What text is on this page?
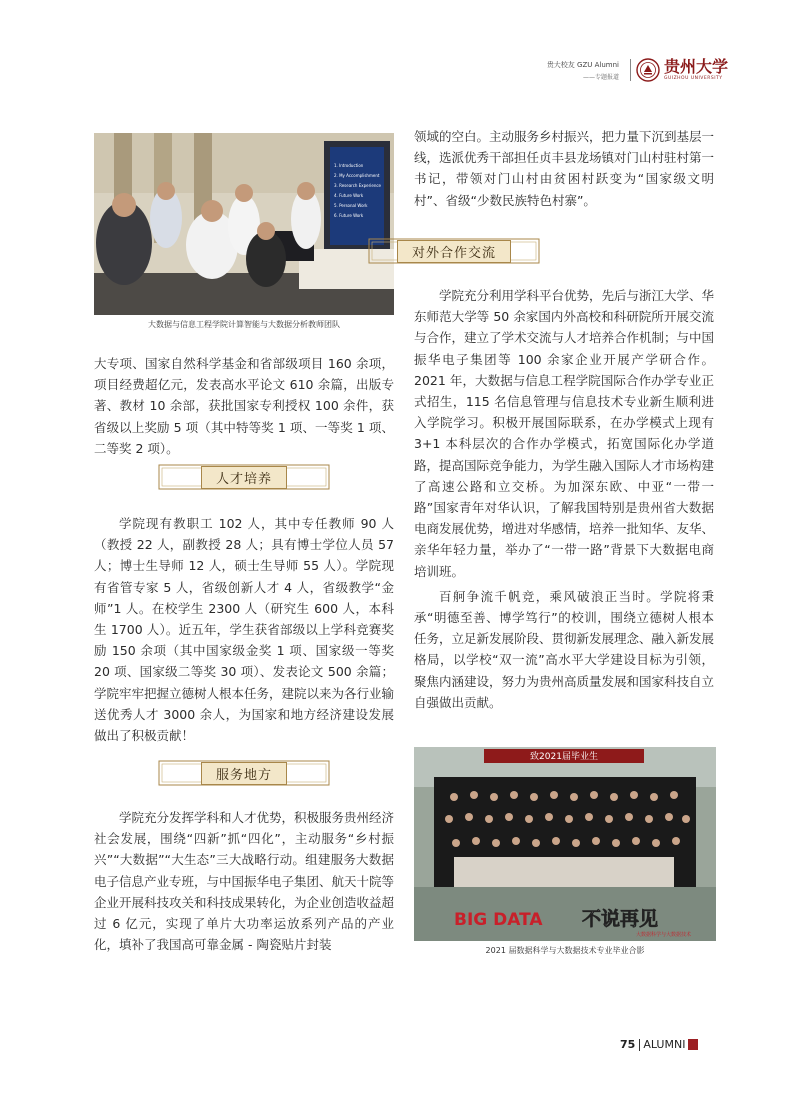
贵大校友 GZU Alumni
——专题报道
贵州大学
GUIZHOU UNIVERSITY
1. Introduction
2. My Accomplishment
3. Research Experience
4. Future Work
5. Personal Work
6. Future Work
大数据与信息工程学院计算智能与大数据分析教师团队

大专项、国家自然科学基金和省部级项目 160 余项，项目经费超亿元，发表高水平论文 610 余篇，出版专著、教材 10 余部，获批国家专利授权 100 余件，获省级以上奖励 5 项（其中特等奖 1 项、一等奖 1 项、二等奖 2 项）。

人才培养

学院现有教职工 102 人，其中专任教师 90 人（教授 22 人，副教授 28 人；具有博士学位人员 57 人；博士生导师 12 人，硕士生导师 55 人）。学院现有省管专家 5 人，省级创新人才 4 人，省级教学“金师”1 人。在校学生 2300 人（研究生 600 人，本科生 1700 人）。近五年，学生获省部级以上学科竞赛奖励 150 余项（其中国家级金奖 1 项、国家级一等奖 20 项、国家级二等奖 30 项）、发表论文 500 余篇；学院牢牢把握立德树人根本任务，建院以来为各行业输送优秀人才 3000 余人，为国家和地方经济建设发展做出了积极贡献！

服务地方

学院充分发挥学科和人才优势，积极服务贵州经济社会发展，围绕“四新”抓“四化”，主动服务“乡村振兴”“大数据”“大生态”三大战略行动。组建服务大数据电子信息产业专班，与中国振华电子集团、航天十院等企业开展科技攻关和科技成果转化，为企业创造收益超过 6 亿元，实现了单片大功率运放系列产品的产业化，填补了我国高可靠金属 - 陶瓷贴片封装

领域的空白。主动服务乡村振兴，把力量下沉到基层一线，选派优秀干部担任贞丰县龙场镇对门山村驻村第一书记，带领对门山村由贫困村跃变为“国家级文明村”、省级“少数民族特色村寨”。

对外合作交流

学院充分利用学科平台优势，先后与浙江大学、华东师范大学等 50 余家国内外高校和科研院所开展交流与合作，建立了学术交流与人才培养合作机制；与中国振华电子集团等 100 余家企业开展产学研合作。2021 年，大数据与信息工程学院国际合作办学专业正式招生，115 名信息管理与信息技术专业新生顺利进入学院学习。积极开展国际联系，在办学模式上现有 3+1 本科层次的合作办学模式，拓宽国际化办学道路，提高国际竞争能力，为学生融入国际人才市场构建了高速公路和立交桥。为加深东欧、中亚“一带一路”国家青年对华认识，了解我国特别是贵州省大数据电商发展优势，增进对华感情，培养一批知华、友华、亲华年轻力量，举办了“一带一路”背景下大数据电商培训班。

百舸争流千帆竞，乘风破浪正当时。学院将秉承“明德至善、博学笃行”的校训，围绕立德树人根本任务，立足新发展阶段、贯彻新发展理念、融入新发展格局，以学校“双一流”高水平大学建设目标为引领，聚焦内涵建设，努力为贵州高质量发展和国家科技自立自强做出贡献。

致2021届毕业生
BIG DATA 不说再见
大数据科学与大数据技术
2021 届数据科学与大数据技术专业毕业合影
75 ALUMNI
